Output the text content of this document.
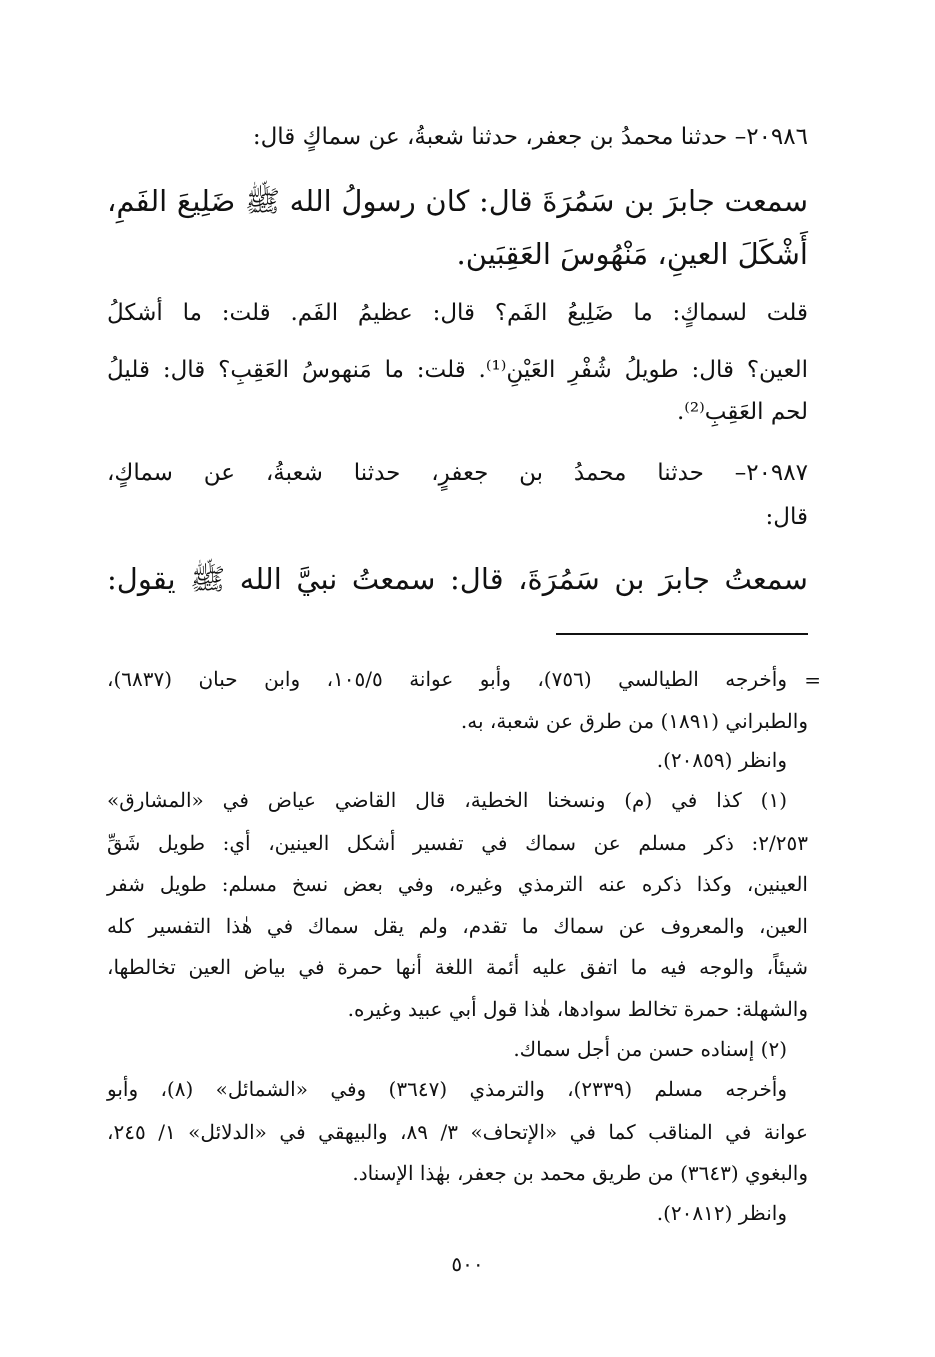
٢٠٩٨٦– حدثنا محمدُ بن جعفر، حدثنا شعبةُ، عن سماكٍ قال:
سمعت جابرَ بن سَمُرَةَ قال: كان رسولُ الله ﷺ ضَلِيعَ الفَمِ،
أَشْكَلَ العينِ، مَنْهُوسَ العَقِبَين.
قلت لسماكٍ: ما ضَلِيعُ الفَم؟ قال: عظيمُ الفَم. قلت: ما أشكلُ
العين؟ قال: طويلُ شُفْرِ العَيْنِ⁽¹⁾. قلت: ما مَنهوسُ العَقِبِ؟ قال: قليلُ
لحم العَقِبِ⁽²⁾.
٢٠٩٨٧– حدثنا محمدُ بن جعفرٍ، حدثنا شعبةُ، عن سماكٍ،
قال:
سمعتُ جابرَ بن سَمُرَةَ، قال: سمعتُ نبيَّ الله ﷺ يقول:
=
وأخرجه الطيالسي (٧٥٦)، وأبو عوانة ١٠٥/٥، وابن حبان (٦٨٣٧)،
والطبراني (١٨٩١) من طرق عن شعبة، به.
وانظر (٢٠٨٥٩).
(١) كذا في (م) ونسخنا الخطية، قال القاضي عياض في «المشارق»
٢/٢٥٣: ذكر مسلم عن سماك في تفسير أشكل العينين، أي: طويل شَقِّ
العينين، وكذا ذكره عنه الترمذي وغيره، وفي بعض نسخ مسلم: طويل شفر
العين، والمعروف عن سماك ما تقدم، ولم يقل سماك في هٰذا التفسير كله
شيئاً، والوجه فيه ما اتفق عليه أئمة اللغة أنها حمرة في بياض العين تخالطها،
والشهلة: حمرة تخالط سوادها، هٰذا قول أبي عبيد وغيره.
(٢) إسناده حسن من أجل سماك.
وأخرجه مسلم (٢٣٣٩)، والترمذي (٣٦٤٧) وفي «الشمائل» (٨)، وأبو
عوانة في المناقب كما في «الإتحاف» ٣/ ٨٩، والبيهقي في «الدلائل» ١/ ٢٤٥،
والبغوي (٣٦٤٣) من طريق محمد بن جعفر، بهٰذا الإسناد.
وانظر (٢٠٨١٢).
٥٠٠
